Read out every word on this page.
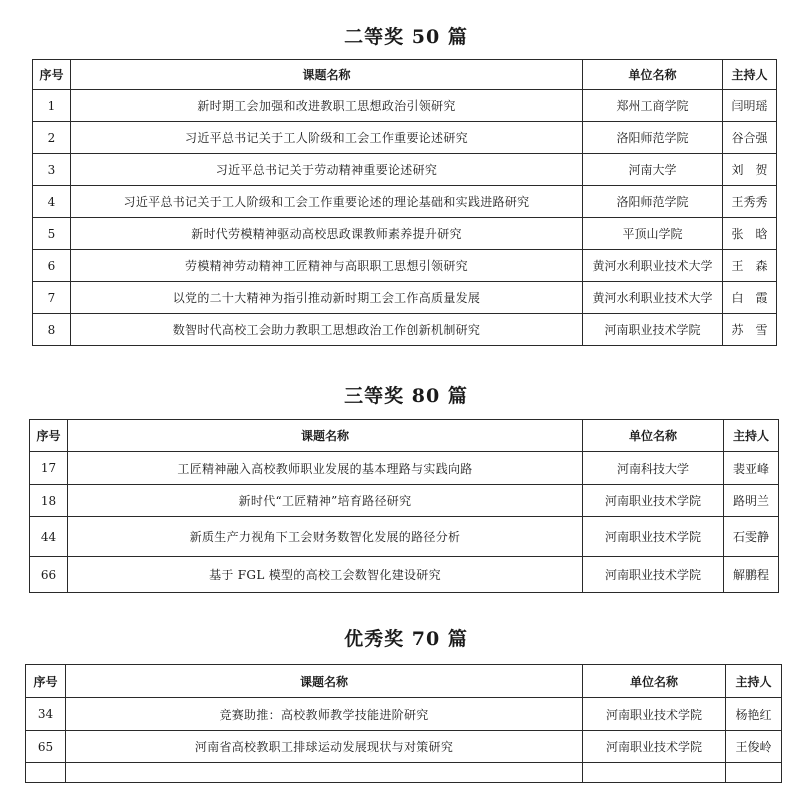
二等奖 50 篇
序号	课题名称	单位名称	主持人
1	新时期工会加强和改进教职工思想政治引领研究	郑州工商学院	闫明瑶
2	习近平总书记关于工人阶级和工会工作重要论述研究	洛阳师范学院	谷合强
3	习近平总书记关于劳动精神重要论述研究	河南大学	刘　贺
4	习近平总书记关于工人阶级和工会工作重要论述的理论基础和实践进路研究	洛阳师范学院	王秀秀
5	新时代劳模精神驱动高校思政课教师素养提升研究	平顶山学院	张　晗
6	劳模精神劳动精神工匠精神与高职职工思想引领研究	黄河水利职业技术大学	王　森
7	以党的二十大精神为指引推动新时期工会工作高质量发展	黄河水利职业技术大学	白　霞
8	数智时代高校工会助力教职工思想政治工作创新机制研究	河南职业技术学院	苏　雪
三等奖 80 篇
序号	课题名称	单位名称	主持人
17	工匠精神融入高校教师职业发展的基本理路与实践向路	河南科技大学	裴亚峰
18	新时代“工匠精神”培育路径研究	河南职业技术学院	路明兰
44	新质生产力视角下工会财务数智化发展的路径分析	河南职业技术学院	石雯静
66	基于 FGL 模型的高校工会数智化建设研究	河南职业技术学院	解鹏程

优秀奖 70 篇
序号	课题名称	单位名称	主持人
34	竞赛助推：高校教师教学技能进阶研究	河南职业技术学院	杨艳红
65	河南省高校教职工排球运动发展现状与对策研究	河南职业技术学院	王俊岭
